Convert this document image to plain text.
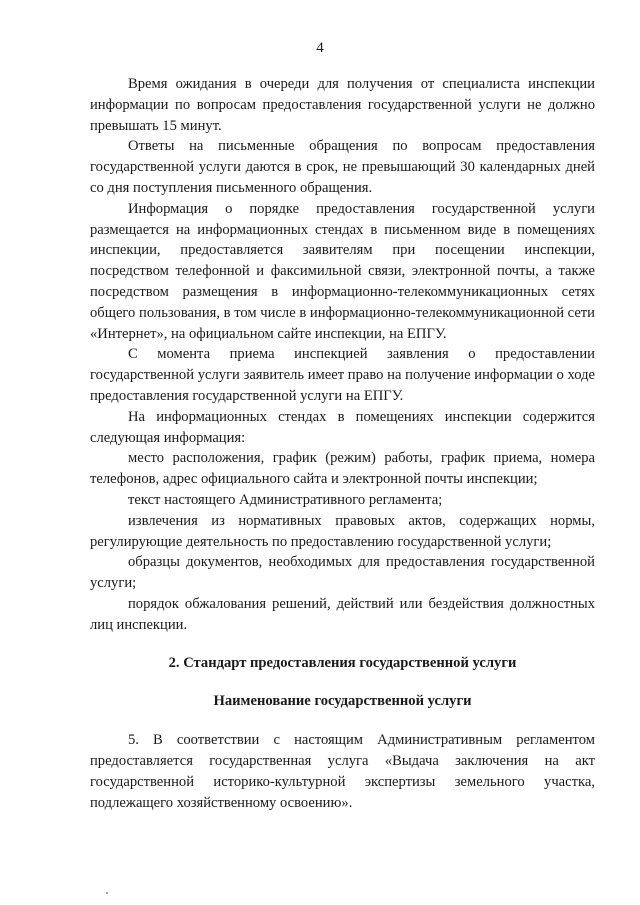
4

Время ожидания в очереди для получения от специалиста инспекции информации по вопросам предоставления государственной услуги не должно превышать 15 минут.

Ответы на письменные обращения по вопросам предоставления государственной услуги даются в срок, не превышающий 30 календарных дней со дня поступления письменного обращения.

Информация о порядке предоставления государственной услуги размещается на информационных стендах в письменном виде в помещениях инспекции, предоставляется заявителям при посещении инспекции, посредством телефонной и факсимильной связи, электронной почты, а также посредством размещения в информационно-телекоммуникационных сетях общего пользования, в том числе в информационно-телекоммуникационной сети «Интернет», на официальном сайте инспекции, на ЕПГУ.

С момента приема инспекцией заявления о предоставлении государственной услуги заявитель имеет право на получение информации о ходе предоставления государственной услуги на ЕПГУ.

На информационных стендах в помещениях инспекции содержится следующая информация:

место расположения, график (режим) работы, график приема, номера телефонов, адрес официального сайта и электронной почты инспекции;

текст настоящего Административного регламента;

извлечения из нормативных правовых актов, содержащих нормы, регулирующие деятельность по предоставлению государственной услуги;

образцы документов, необходимых для предоставления государственной услуги;

порядок обжалования решений, действий или бездействия должностных лиц инспекции.

2. Стандарт предоставления государственной услуги

Наименование государственной услуги

5. В соответствии с настоящим Административным регламентом предоставляется государственная услуга «Выдача заключения на акт государственной историко-культурной экспертизы земельного участка, подлежащего хозяйственному освоению».
